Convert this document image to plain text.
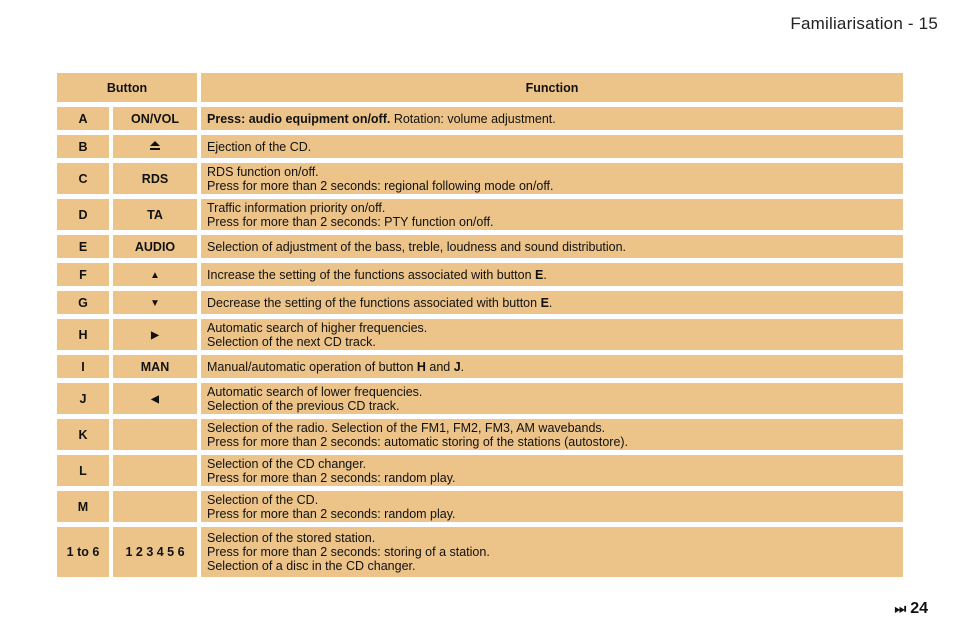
Familiarisation - 15
Button		Function
A	ON/VOL	Press: audio equipment on/off. Rotation: volume adjustment.
B		Ejection of the CD.
C	RDS	RDS function on/off.
Press for more than 2 seconds: regional following mode on/off.

D	TA	Traffic information priority on/off.
Press for more than 2 seconds: PTY function on/off.

E	AUDIO	Selection of adjustment of the bass, treble, loudness and sound distribution.
F	▲	Increase the setting of the functions associated with button E.
G	▼	Decrease the setting of the functions associated with button E.
H	▶	Automatic search of higher frequencies.
Selection of the next CD track.

I	MAN	Manual/automatic operation of button H and J.
J	◀	Automatic search of lower frequencies.
Selection of the previous CD track.

K		Selection of the radio. Selection of the FM1, FM2, FM3, AM wavebands.
Press for more than 2 seconds: automatic storing of the stations (autostore).

L		Selection of the CD changer.
Press for more than 2 seconds: random play.

M		Selection of the CD.
Press for more than 2 seconds: random play.

1 to 6	1 2 3 4 5 6	Selection of the stored station.
Press for more than 2 seconds: storing of a station.
Selection of a disc in the CD changer.
⏭ 24
